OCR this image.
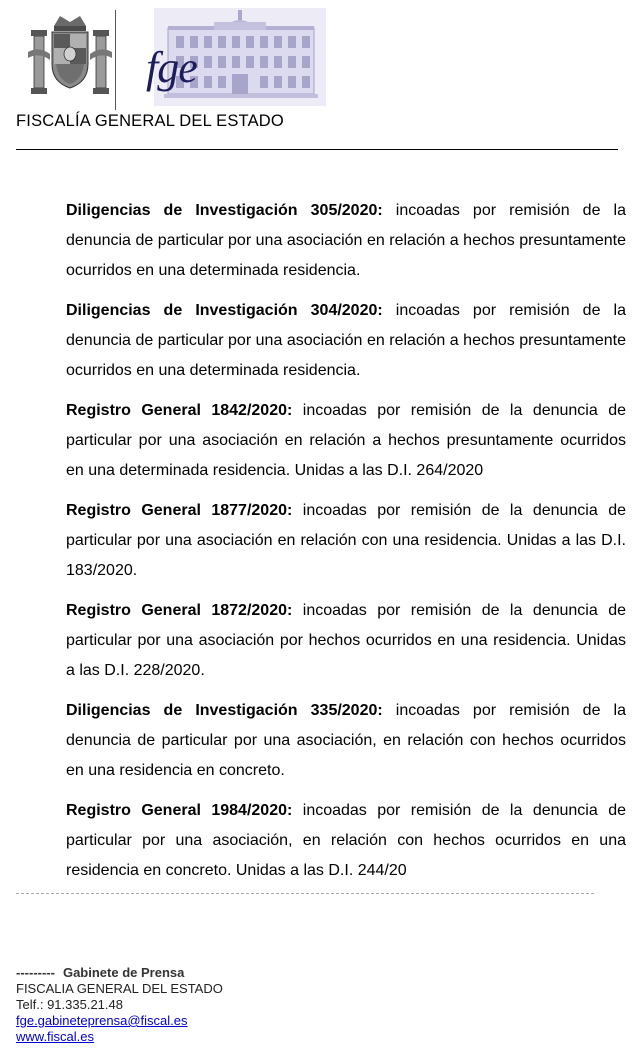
fge
FISCALÍA GENERAL DEL ESTADO

Diligencias de Investigación 305/2020: incoadas por remisión de la denuncia de particular por una asociación en relación a hechos presuntamente ocurridos en una determinada residencia.

Diligencias de Investigación 304/2020: incoadas por remisión de la denuncia de particular por una asociación en relación a hechos presuntamente ocurridos en una determinada residencia.

Registro General 1842/2020: incoadas por remisión de la denuncia de particular por una asociación en relación a hechos presuntamente ocurridos en una determinada residencia. Unidas a las D.I. 264/2020

Registro General 1877/2020: incoadas por remisión de la denuncia de particular por una asociación en relación con una residencia. Unidas a las D.I. 183/2020.

Registro General 1872/2020: incoadas por remisión de la denuncia de particular por una asociación por hechos ocurridos en una residencia. Unidas a las D.I. 228/2020.

Diligencias de Investigación 335/2020: incoadas por remisión de la denuncia de particular por una asociación, en relación con hechos ocurridos en una residencia en concreto.

Registro General 1984/2020: incoadas por remisión de la denuncia de particular por una asociación, en relación con hechos ocurridos en una residencia en concreto. Unidas a las D.I. 244/20

--------- Gabinete de Prensa
FISCALIA GENERAL DEL ESTADO
Telf.: 91.335.21.48
fge.gabineteprensa@fiscal.es
www.fiscal.es
